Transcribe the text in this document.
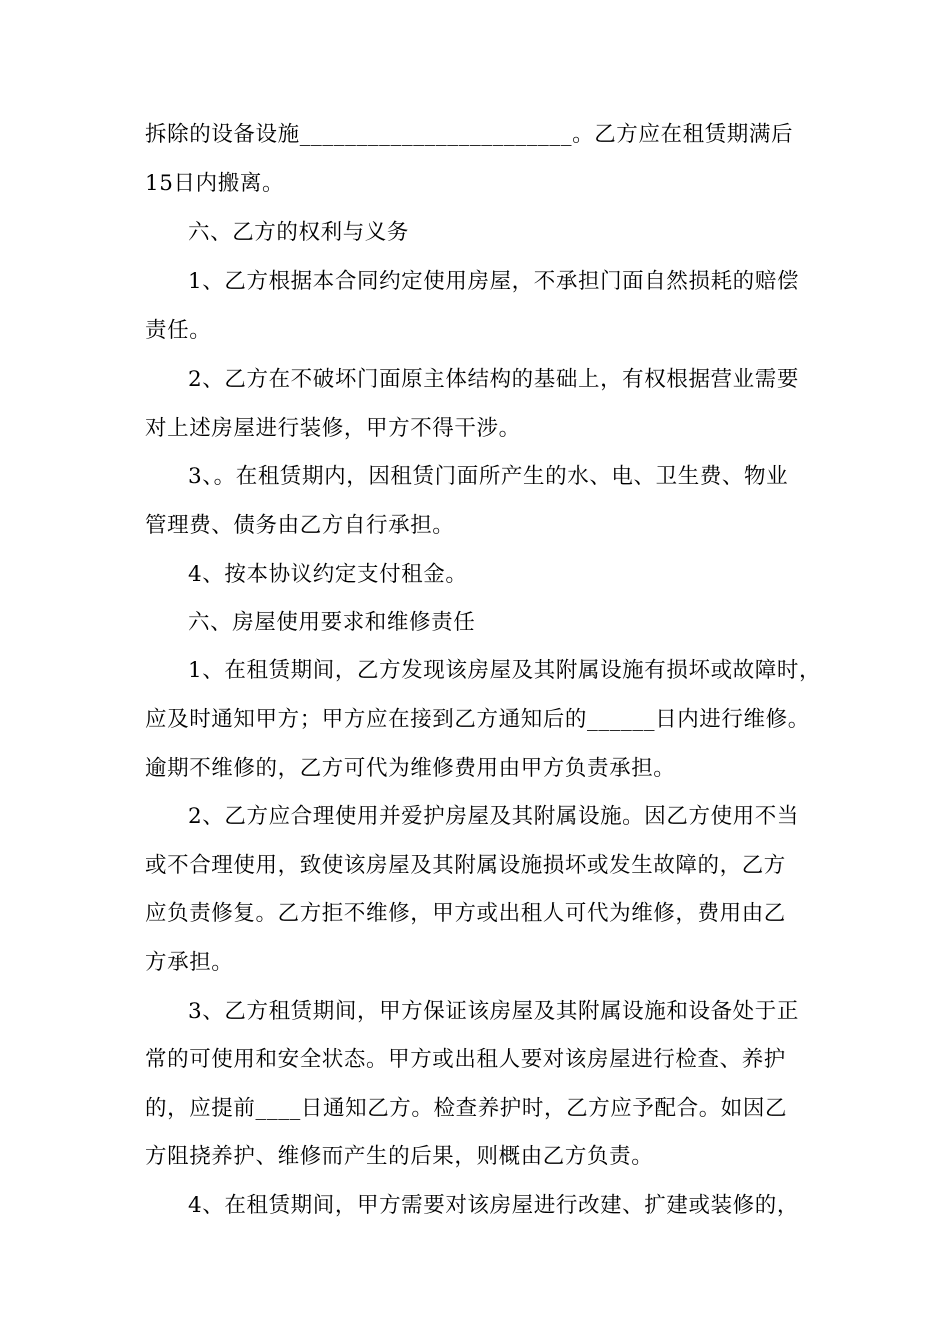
拆除的设备设施________________________。乙方应在租赁期满后
15日内搬离。
六、乙方的权利与义务
1、乙方根据本合同约定使用房屋，不承担门面自然损耗的赔偿
责任。
2、乙方在不破坏门面原主体结构的基础上，有权根据营业需要
对上述房屋进行装修，甲方不得干涉。
3、。在租赁期内，因租赁门面所产生的水、电、卫生费、物业
管理费、债务由乙方自行承担。
4、按本协议约定支付租金。
六、房屋使用要求和维修责任
1、在租赁期间，乙方发现该房屋及其附属设施有损坏或故障时，
应及时通知甲方；甲方应在接到乙方通知后的______日内进行维修。
逾期不维修的，乙方可代为维修费用由甲方负责承担。
2、乙方应合理使用并爱护房屋及其附属设施。因乙方使用不当
或不合理使用，致使该房屋及其附属设施损坏或发生故障的，乙方
应负责修复。乙方拒不维修，甲方或出租人可代为维修，费用由乙
方承担。
3、乙方租赁期间，甲方保证该房屋及其附属设施和设备处于正
常的可使用和安全状态。甲方或出租人要对该房屋进行检查、养护
的，应提前____日通知乙方。检查养护时，乙方应予配合。如因乙
方阻挠养护、维修而产生的后果，则概由乙方负责。
4、在租赁期间，甲方需要对该房屋进行改建、扩建或装修的，
